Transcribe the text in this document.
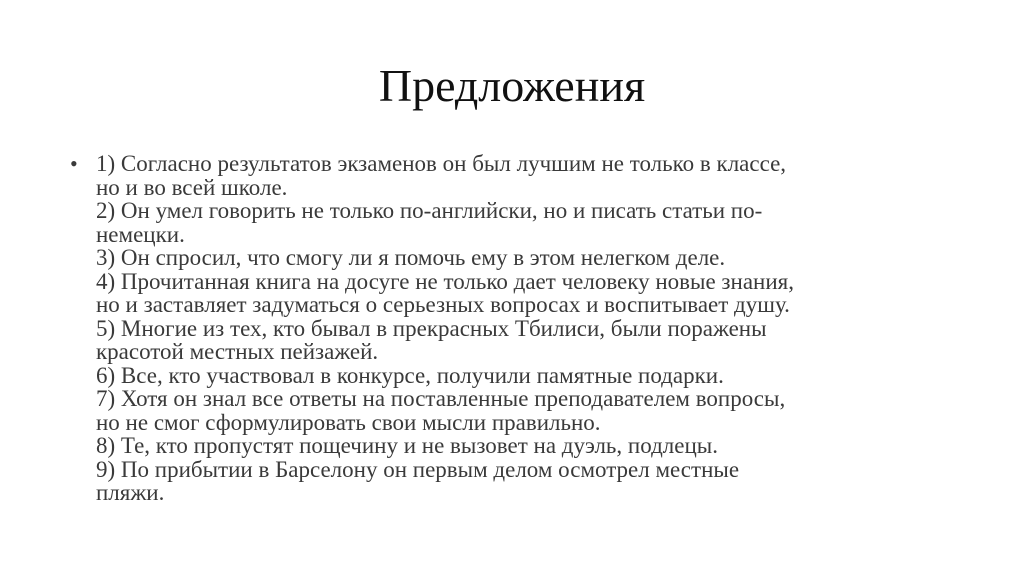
Предложения
• 1) Согласно результатов экзаменов он был лучшим не только в классе,
но и во всей школе.
2) Он умел говорить не только по-английски, но и писать статьи по-
немецки.
3) Он спросил, что смогу ли я помочь ему в этом нелегком деле.
4) Прочитанная книга на досуге не только дает человеку новые знания,
но и заставляет задуматься о серьезных вопросах и воспитывает душу.
5) Многие из тех, кто бывал в прекрасных Тбилиси, были поражены
красотой местных пейзажей.
6) Все, кто участвовал в конкурсе, получили памятные подарки.
7) Хотя он знал все ответы на поставленные преподавателем вопросы,
но не смог сформулировать свои мысли правильно.
8) Те, кто пропустят пощечину и не вызовет на дуэль, подлецы.
9) По прибытии в Барселону он первым делом осмотрел местные
пляжи.
